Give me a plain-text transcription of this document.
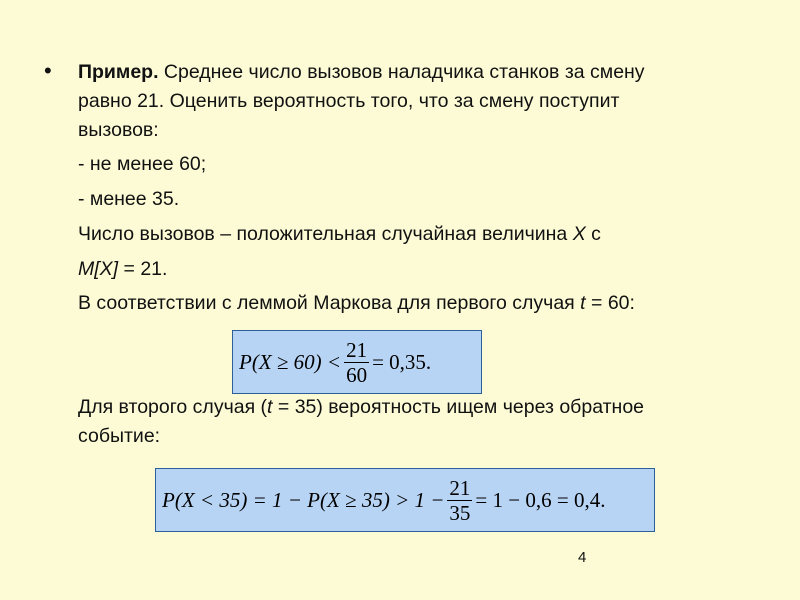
• Пример. Среднее число вызовов наладчика станков за смену
равно 21. Оценить вероятность того, что за смену поступит
вызовов:

- не менее 60;

- менее 35.

Число вызовов – положительная случайная величина X с

M[X] = 21.

В соответствии с леммой Маркова для первого случая t = 60:

$P(X \ge 60) < \frac{21}{60} = 0,35$.

Для второго случая (t = 35) вероятность ищем через обратное
событие:

$P(X < 35) = 1 - P(X \ge 35) > 1 - \frac{21}{35} = 1 - 0,6 = 0,4$.
4
